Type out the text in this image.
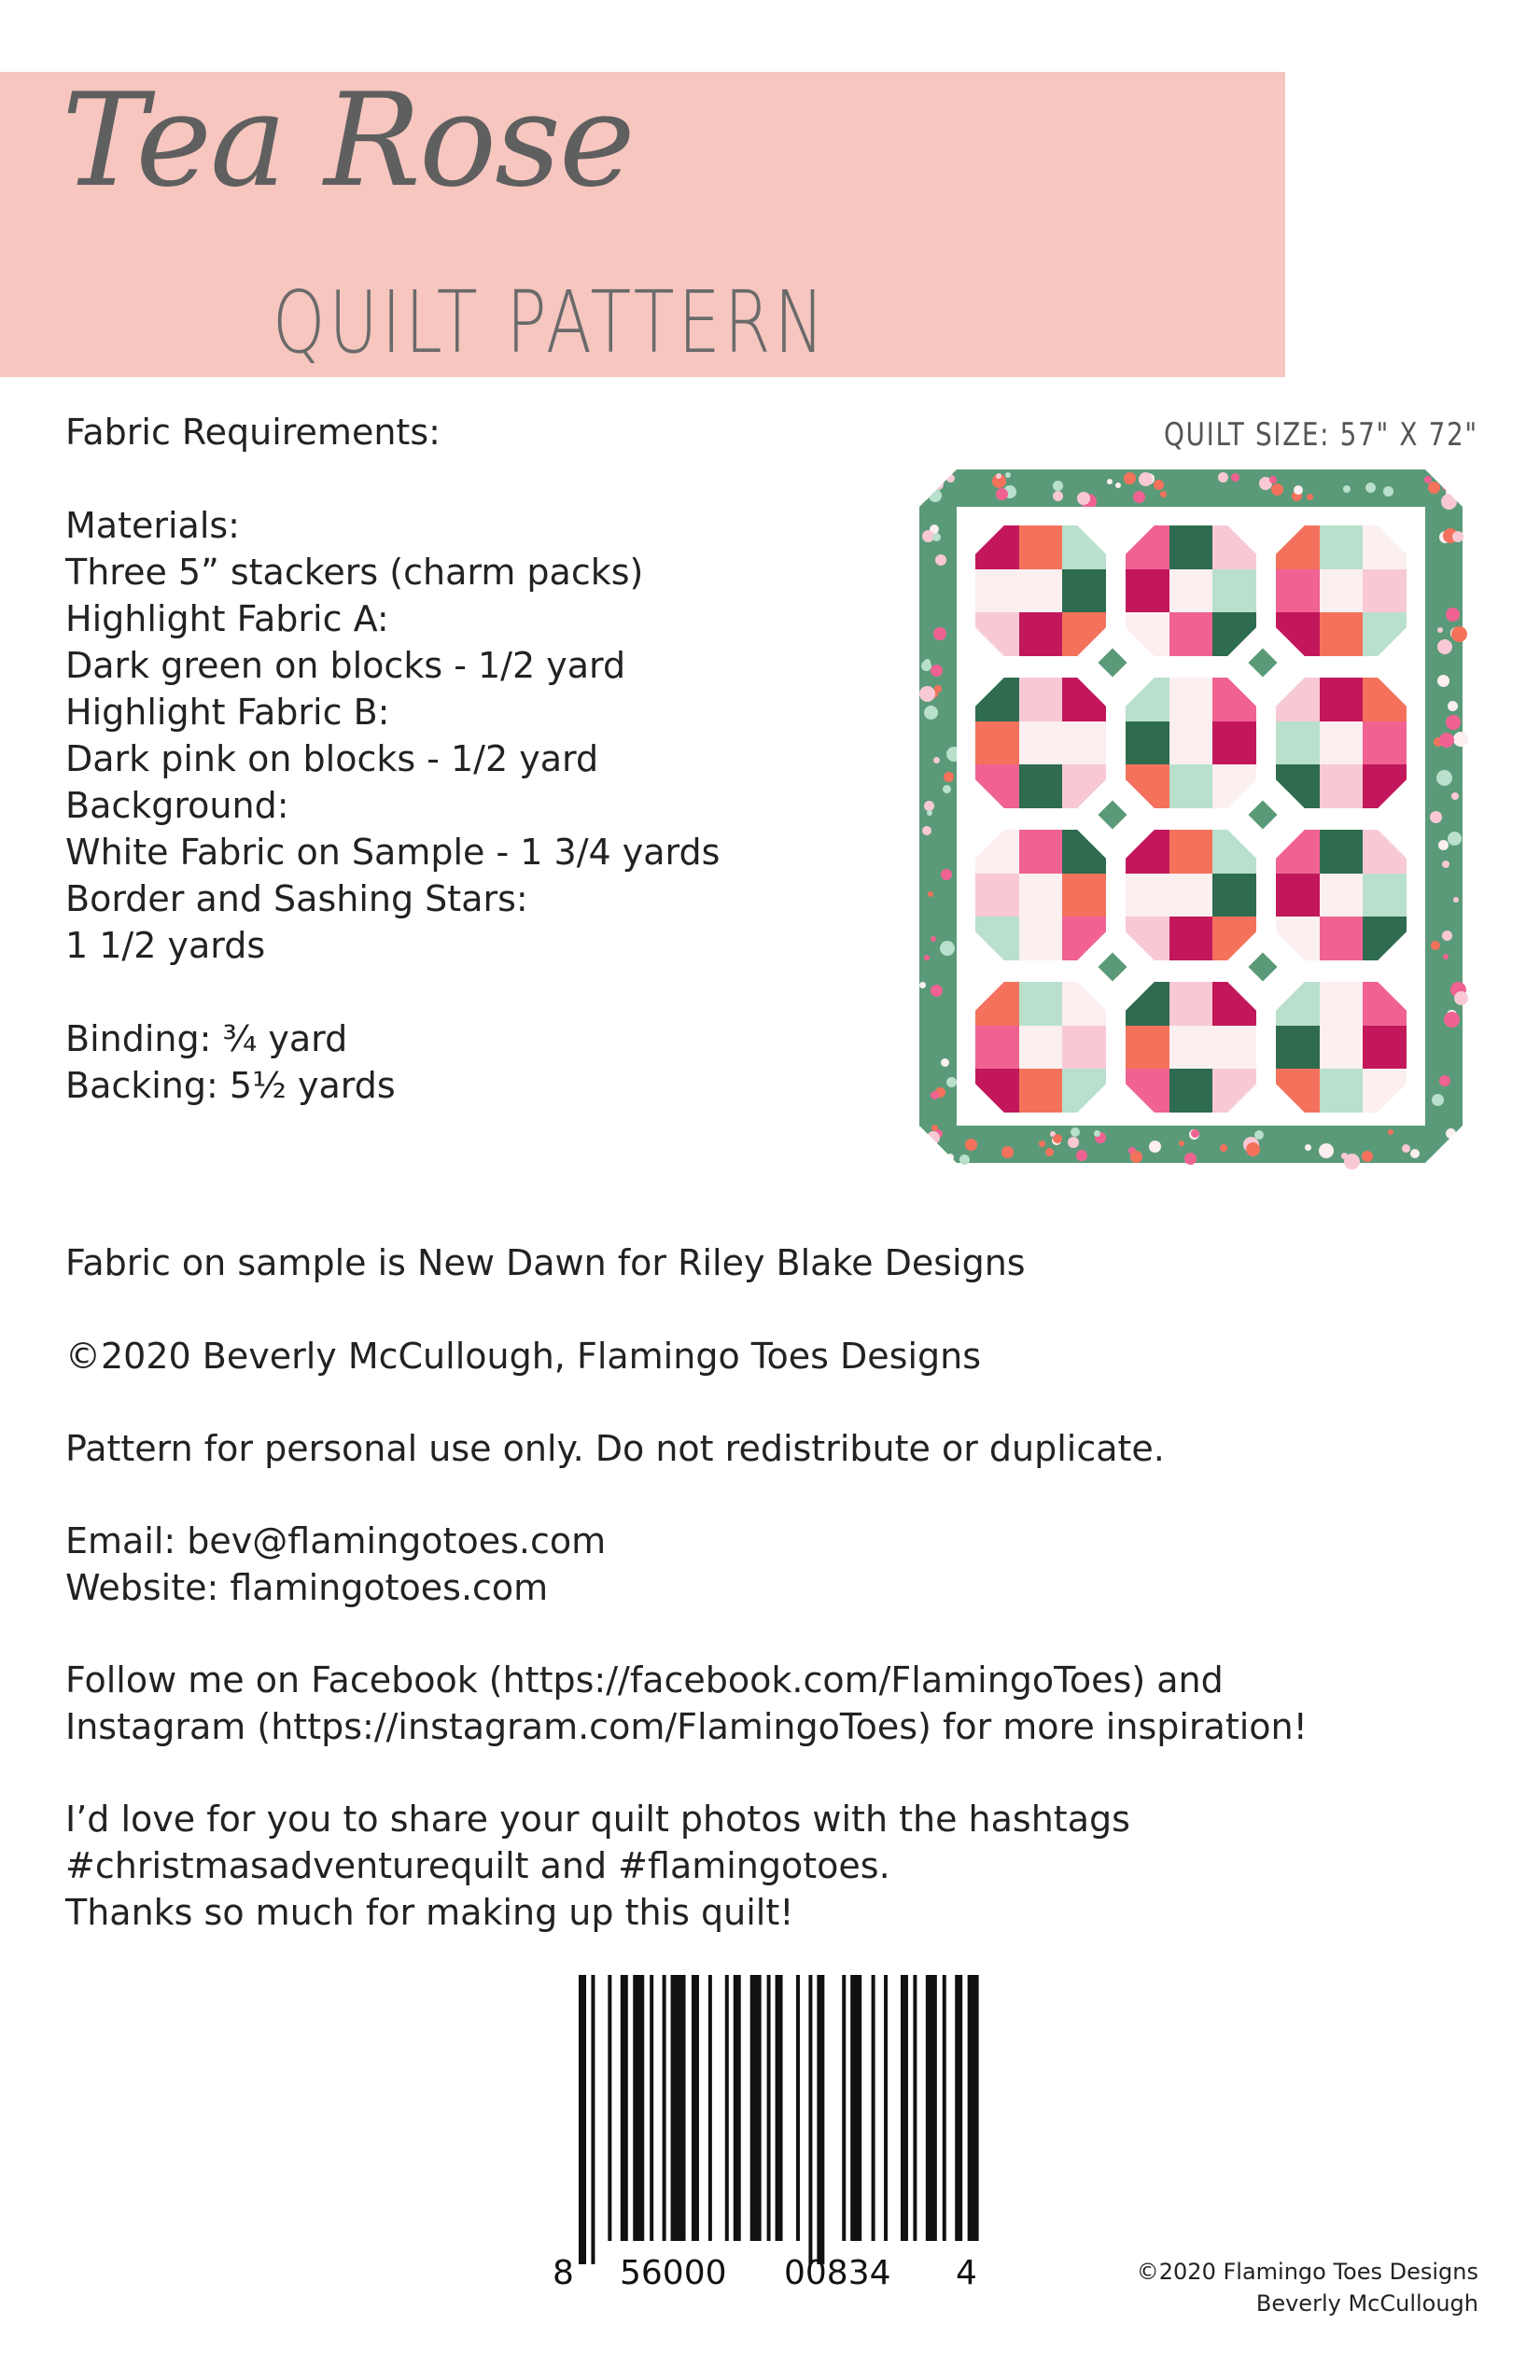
Tea Rose
QUILT PATTERN
Fabric Requirements:
Materials:
Three 5” stackers (charm packs)
Highlight Fabric A:
Dark green on blocks - 1/2 yard
Highlight Fabric B:
Dark pink on blocks - 1/2 yard
Background:
White Fabric on Sample - 1 3/4 yards
Border and Sashing Stars:
1 1/2 yards
Binding: ¾ yard
Backing: 5½ yards
QUILT SIZE: 57" X 72"
Fabric on sample is New Dawn for Riley Blake Designs
©2020 Beverly McCullough, Flamingo Toes Designs
Pattern for personal use only. Do not redistribute or duplicate.
Email: bev@flamingotoes.com
Website: flamingotoes.com
Follow me on Facebook (https://facebook.com/FlamingoToes) and
Instagram (https://instagram.com/FlamingoToes) for more inspiration!
I’d love for you to share your quilt photos with the hashtags
#christmasadventurequilt and #flamingotoes.
Thanks so much for making up this quilt!
8 56000 00834 4	©2020 Flamingo Toes Designs
Beverly McCullough
